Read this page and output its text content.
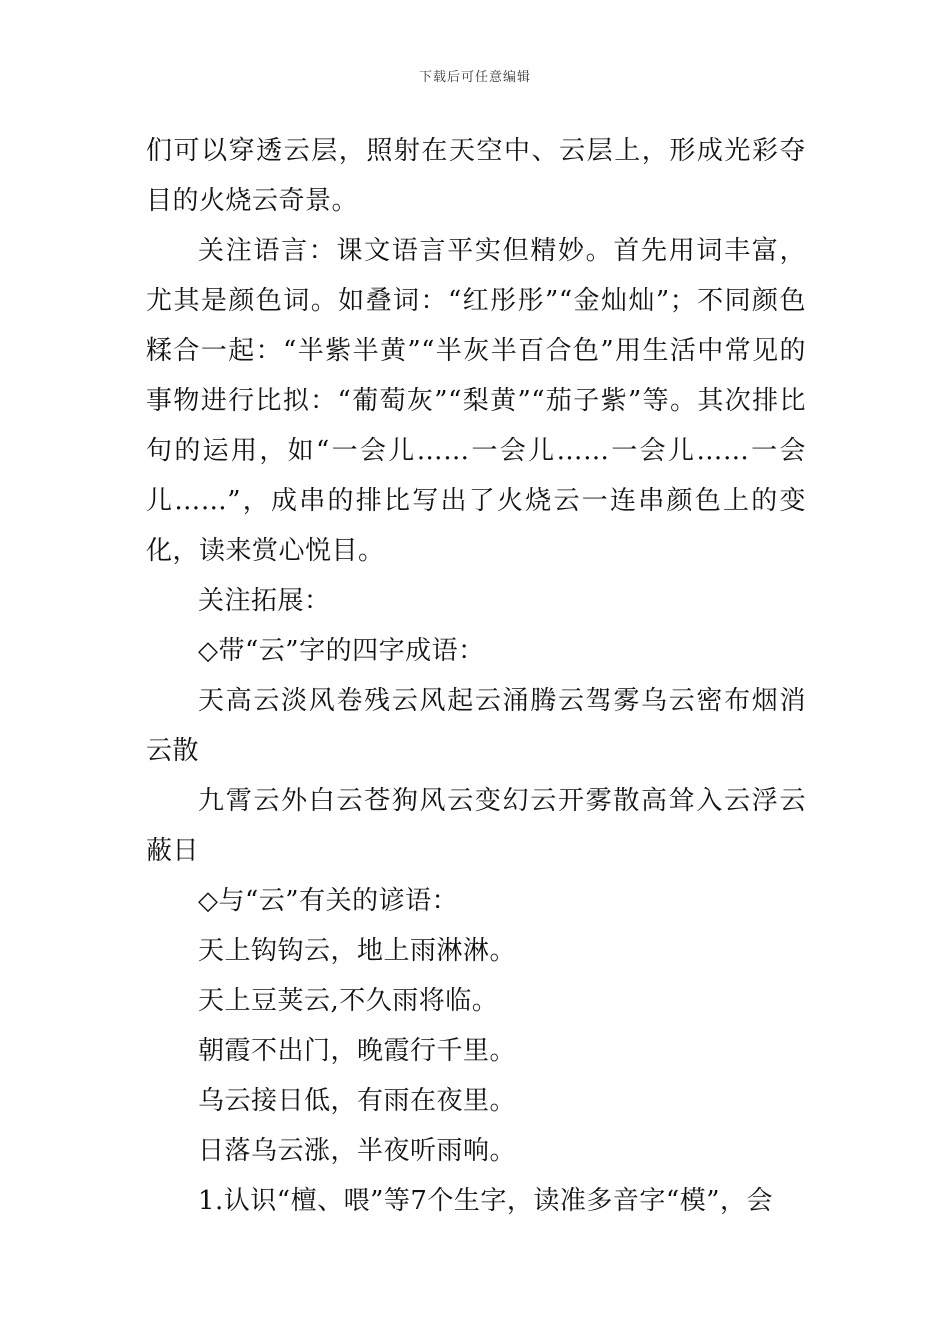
下载后可任意编辑

们可以穿透云层，照射在天空中、云层上，形成光彩夺目的火烧云奇景。

关注语言：课文语言平实但精妙。首先用词丰富，尤其是颜色词。如叠词：“红彤彤”“金灿灿”；不同颜色糅合一起：“半紫半黄”“半灰半百合色”用生活中常见的事物进行比拟：“葡萄灰”“梨黄”“茄子紫”等。其次排比句的运用，如“一会儿……一会儿……一会儿……一会儿……”，成串的排比写出了火烧云一连串颜色上的变化，读来赏心悦目。

关注拓展：

◇带“云”字的四字成语：

天高云淡风卷残云风起云涌腾云驾雾乌云密布烟消云散

九霄云外白云苍狗风云变幻云开雾散高耸入云浮云蔽日

◇与“云”有关的谚语：

天上钩钩云，地上雨淋淋。

天上豆荚云,不久雨将临。

朝霞不出门，晚霞行千里。

乌云接日低，有雨在夜里。

日落乌云涨，半夜听雨响。

1.认识“檀、喂”等7个生字，读准多音字“模”，会
